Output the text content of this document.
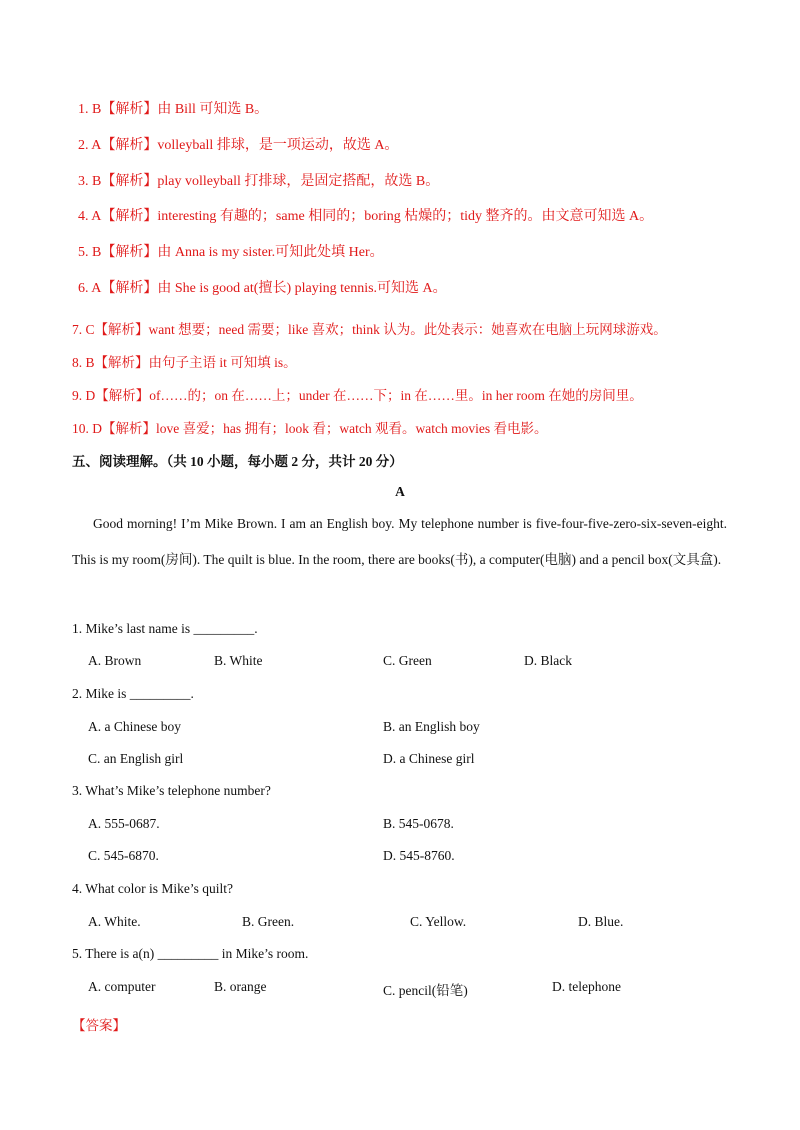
1. B【解析】由 Bill 可知选 B。
2. A【解析】volleyball 排球，是一项运动，故选 A。
3. B【解析】play volleyball 打排球，是固定搭配，故选 B。
4. A【解析】interesting 有趣的；same 相同的；boring 枯燥的；tidy 整齐的。由文意可知选 A。
5. B【解析】由 Anna is my sister.可知此处填 Her。
6. A【解析】由 She is good at(擅长) playing tennis.可知选 A。
7. C【解析】want 想要；need 需要；like 喜欢；think 认为。此处表示：她喜欢在电脑上玩网球游戏。
8. B【解析】由句子主语 it 可知填 is。
9. D【解析】of……的；on 在……上；under 在……下；in 在……里。in her room 在她的房间里。
10. D【解析】love 喜爱；has 拥有；look 看；watch 观看。watch movies 看电影。
五、阅读理解。（共 10 小题，每小题 2 分，共计 20 分）
A
Good morning! I’m Mike Brown. I am an English boy. My telephone number is five-four-five-zero-six-seven-eight. This is my room(房间). The quilt is blue. In the room, there are books(书), a computer(电脑) and a pencil box(文具盒).
1. Mike’s last name is _________.
A. Brown	B. White	C. Green	D. Black
2. Mike is _________.
A. a Chinese boy	B. an English boy
C. an English girl	D. a Chinese girl
3. What’s Mike’s telephone number?
A. 555-0687.	B. 545-0678.
C. 545-6870.	D. 545-8760.
4. What color is Mike’s quilt?
A. White.	B. Green.	C. Yellow.	D. Blue.
5. There is a(n) _________ in Mike’s room.
A. computer	B. orange	C. pencil(铅笔)	D. telephone
【答案】
